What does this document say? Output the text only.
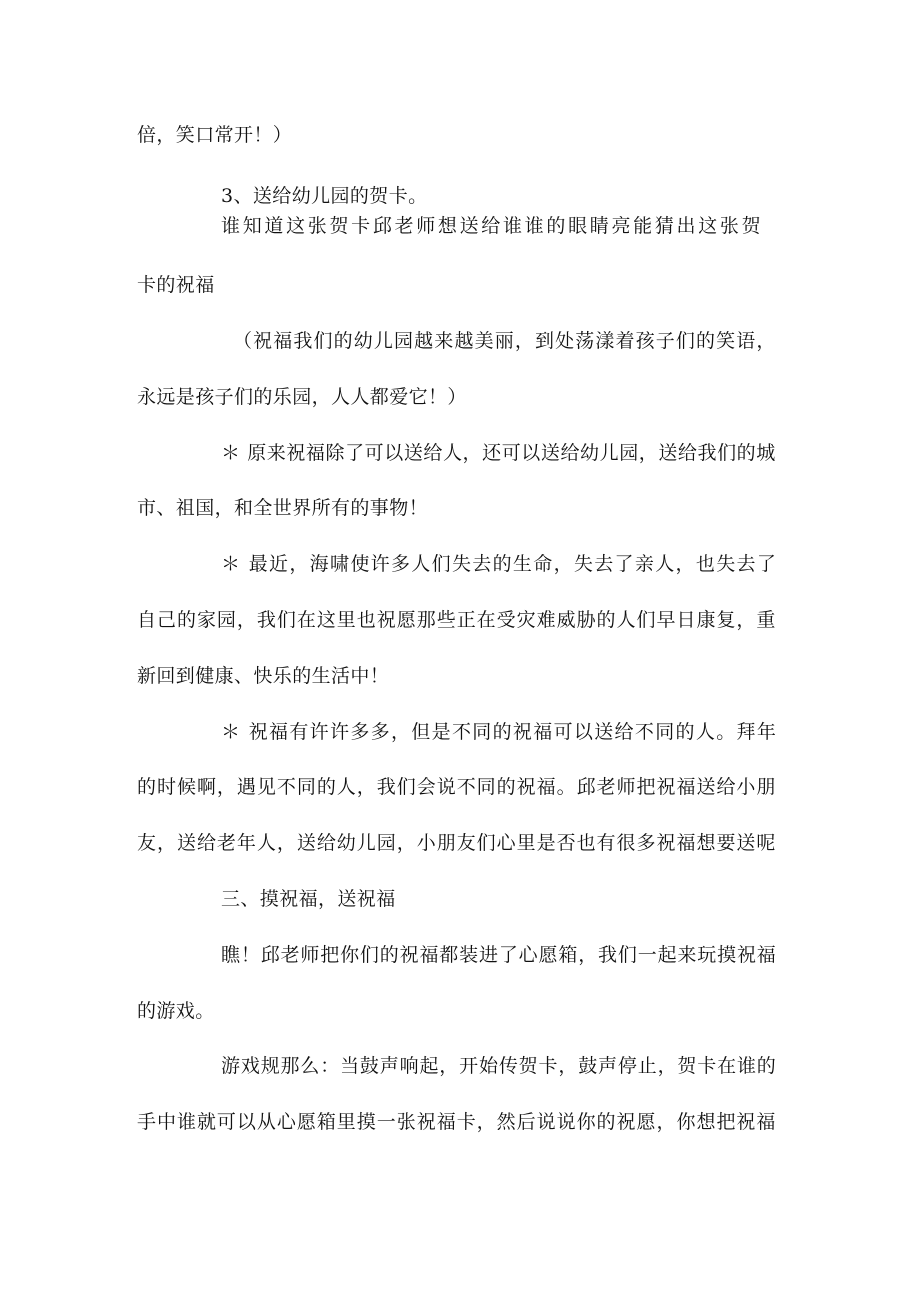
倍，笑口常开！）
3、送给幼儿园的贺卡。
谁知道这张贺卡邱老师想送给谁谁的眼睛亮能猜出这张贺
卡的祝福
（祝福我们的幼儿园越来越美丽，到处荡漾着孩子们的笑语，
永远是孩子们的乐园，人人都爱它！）
＊ 原来祝福除了可以送给人，还可以送给幼儿园，送给我们的城
市、祖国，和全世界所有的事物！
＊ 最近，海啸使许多人们失去的生命，失去了亲人，也失去了
自己的家园，我们在这里也祝愿那些正在受灾难威胁的人们早日康复，重
新回到健康、快乐的生活中！
＊ 祝福有许许多多，但是不同的祝福可以送给不同的人。拜年
的时候啊，遇见不同的人，我们会说不同的祝福。邱老师把祝福送给小朋
友，送给老年人，送给幼儿园，小朋友们心里是否也有很多祝福想要送呢
三、摸祝福，送祝福
瞧！邱老师把你们的祝福都装进了心愿箱，我们一起来玩摸祝福
的游戏。
游戏规那么：当鼓声响起，开始传贺卡，鼓声停止，贺卡在谁的
手中谁就可以从心愿箱里摸一张祝福卡，然后说说你的祝愿，你想把祝福
